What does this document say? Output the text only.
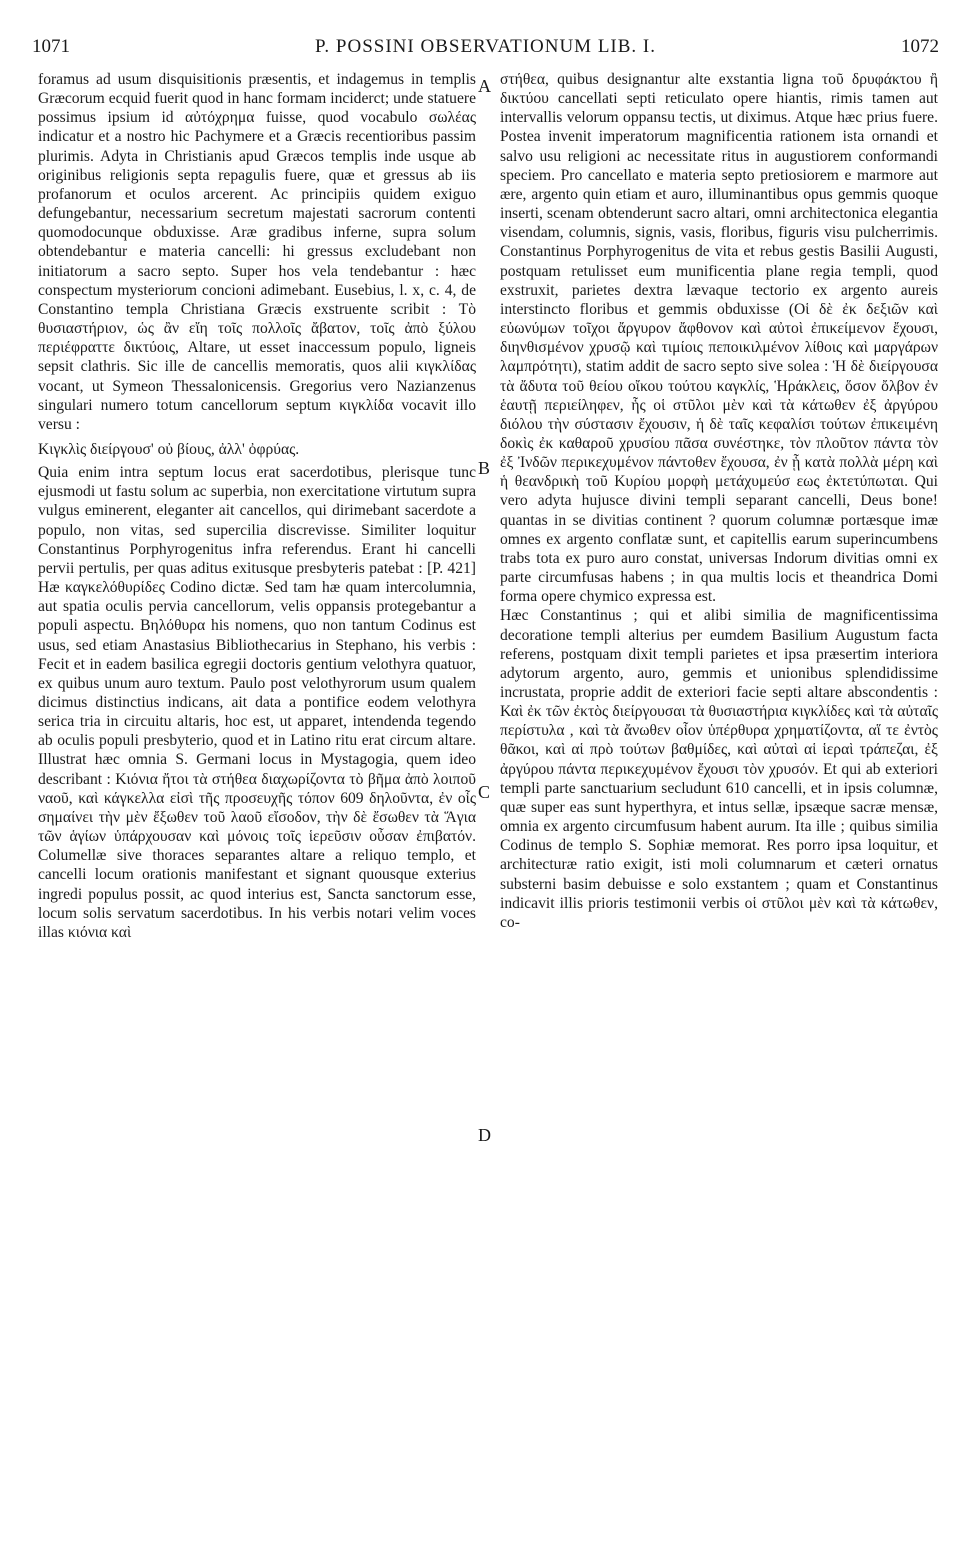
1071	P. POSSINI OBSERVATIONUM LIB. I.	1072

foramus ad usum disquisitionis præsentis, et indagemus in templis Græcorum ecquid fuerit quod in hanc formam inciderct; unde statuere possimus ipsium id αὐτόχρημα fuisse, quod vocabulo σωλέας indicatur et a nostro hic Pachymere et a Græcis recentioribus passim plurimis. Adyta in Christianis apud Græcos templis inde usque ab originibus religionis septa repagulis fuere, quæ et gressus ab iis profanorum et oculos arcerent. Ac principiis quidem exiguo defungebantur, necessarium secretum majestati sacrorum contenti quomodocunque obduxisse. Aræ gradibus inferne, supra solum obtendebantur e materia cancelli: hi gressus excludebant non initiatorum a sacro septo. Super hos vela tendebantur : hæc conspectum mysteriorum concioni adimebant. Eusebius, l. x, c. 4, de Constantino templa Christiana Græcis exstruente scribit : Τὸ θυσιαστήριον, ὡς ἂν εἴη τοῖς πολλοῖς ἄβατον, τοῖς ἀπὸ ξύλου περιέφραττε δικτύοις, Altare, ut esset inaccessum populo, ligneis sepsit clathris. Sic ille de cancellis memoratis, quos alii κιγκλίδας vocant, ut Symeon Thessalonicensis. Gregorius vero Nazianzenus singulari numero totum cancellorum septum κιγκλίδα vocavit illo versu :

Κιγκλὶς διείργουσ' οὐ βίους, ἀλλ' ὀφρύας.

Quia enim intra septum locus erat sacerdotibus, plerisque tunc ejusmodi ut fastu solum ac superbia, non exercitatione virtutum supra vulgus eminerent, eleganter ait cancellos, qui dirimebant sacerdote a populo, non vitas, sed supercilia discrevisse. Similiter loquitur Constantinus Porphyrogenitus infra referendus. Erant hi cancelli pervii pertulis, per quas aditus exitusque presbyteris patebat : [P. 421] Hæ καγκελόθυρίδες Codino dictæ. Sed tam hæ quam intercolumnia, aut spatia oculis pervia cancellorum, velis oppansis protegebantur a populi aspectu. Βηλόθυρα his nomens, quo non tantum Codinus est usus, sed etiam Anastasius Bibliothecarius in Stephano, his verbis : Fecit et in eadem basilica egregii doctoris gentium velothyra quatuor, ex quibus unum auro textum. Paulo post velothyrorum usum qualem dicimus distinctius indicans, ait data a pontifice eodem velothyra serica tria in circuitu altaris, hoc est, ut apparet, intendenda tegendo ab oculis populi presbyterio, quod et in Latino ritu erat circum altare. Illustrat hæc omnia S. Germani locus in Mystagogia, quem ideo describant : Κιόνια ἤτοι τὰ στήθεα διαχωρίζοντα τὸ βῆμα ἀπὸ λοιποῦ ναοῦ, καὶ κάγκελλα εἰσὶ τῆς προσευχῆς τόπον 609 δηλοῦντα, ἐν οἷς σημαίνει τὴν μὲν ἔξωθεν τοῦ λαοῦ εἴσοδον, τὴν δὲ ἔσωθεν τὰ Ἅγια τῶν ἁγίων ὑπάρχουσαν καὶ μόνοις τοῖς ἱερεῦσιν οὖσαν ἐπιβατόν. Columellæ sive thoraces separantes altare a reliquo templo, et cancelli locum orationis manifestant et signant quousque exterius ingredi populus possit, ac quod interius est, Sancta sanctorum esse, locum solis servatum sacerdotibus. In his verbis notari velim voces illas κιόνια καὶ

στήθεα, quibus designantur alte exstantia ligna τοῦ δρυφάκτου ἢ δικτύου cancellati septi reticulato opere hiantis, rimis tamen aut intervallis velorum oppansu tectis, ut diximus. Atque hæc prius fuere. Postea invenit imperatorum magnificentia rationem ista ornandi et salvo usu religioni ac necessitate ritus in augustiorem conformandi speciem. Pro cancellato e materia septo pretiosiorem e marmore aut ære, argento quin etiam et auro, illuminantibus opus gemmis quoque inserti, scenam obtenderunt sacro altari, omni architectonica elegantia visendam, columnis, signis, vasis, floribus, figuris visu pulcherrimis. Constantinus Porphyrogenitus de vita et rebus gestis Basilii Augusti, postquam retulisset eum munificentia plane regia templi, quod exstruxit, parietes dextra lævaque tectorio ex argento aureis interstincto floribus et gemmis obduxisse (Οἱ δὲ ἐκ δεξιῶν καὶ εὐωνύμων τοῖχοι ἄργυρον ἄφθονον καὶ αὐτοὶ ἐπικείμενον ἔχουσι, διηνθισμένον χρυσῷ καὶ τιμίοις πεποικιλμένον λίθοις καὶ μαργάρων λαμπρότητι), statim addit de sacro septo sive solea : Ἡ δὲ διείργουσα τὰ ἄδυτα τοῦ θείου οἴκου τούτου καγκλίς, Ἡράκλεις, ὅσον ὄλβον ἐν ἑαυτῇ περιείληφεν, ἧς οἱ στῦλοι μὲν καὶ τὰ κάτωθεν ἐξ ἀργύρου διόλου τὴν σύστασιν ἔχουσιν, ἡ δὲ ταῖς κεφαλίσι τούτων ἐπικειμένη δοκὶς ἐκ καθαροῦ χρυσίου πᾶσα συνέστηκε, τὸν πλοῦτον πάντα τὸν ἐξ Ἰνδῶν περικεχυμένον πάντοθεν ἔχουσα, ἐν ᾗ κατὰ πολλὰ μέρη καὶ ἡ θεανδρικὴ τοῦ Κυρίου μορφὴ μετάχυμεύσ εως ἐκτετύπωται. Qui vero adyta hujusce divini templi separant cancelli, Deus bone! quantas in se divitias continent ? quorum columnæ portæsque imæ omnes ex argento conflatæ sunt, et capitellis earum superincumbens trabs tota ex puro auro constat, universas Indorum divitias omni ex parte circumfusas habens ; in qua multis locis et theandrica Domi forma opere chymico expressa est.

Hæc Constantinus ; qui et alibi similia de magnificentissima decoratione templi alterius per eumdem Basilium Augustum facta referens, postquam dixit templi parietes et ipsa præsertim interiora adytorum argento, auro, gemmis et unionibus splendidissime incrustata, proprie addit de exteriori facie septi altare abscondentis : Καὶ ἐκ τῶν ἐκτὸς διείργουσαι τὰ θυσιαστήρια κιγκλίδες καὶ τὰ αὐταῖς περίστυλα , καὶ τὰ ἄνωθεν οἷον ὑπέρθυρα χρηματίζοντα, αἵ τε ἐντὸς θᾶκοι, καὶ αἱ πρὸ τούτων βαθμίδες, καὶ αὐταὶ αἱ ἱεραὶ τράπεζαι, ἐξ ἀργύρου πάντα περικεχυμένον ἔχουσι τὸν χρυσόν. Et qui ab exteriori templi parte sanctuarium secludunt 610 cancelli, et in ipsis columnæ, quæ super eas sunt hyperthyra, et intus sellæ, ipsæque sacræ mensæ, omnia ex argento circumfusum habent aurum. Ita ille ; quibus similia Codinus de templo S. Sophiæ memorat. Res porro ipsa loquitur, et architecturæ ratio exigit, isti moli columnarum et cæteri ornatus substerni basim debuisse e solo exstantem ; quam et Constantinus indicavit illis prioris testimonii verbis οἱ στῦλοι μὲν καὶ τὰ κάτωθεν, co-

A
B
C
D
